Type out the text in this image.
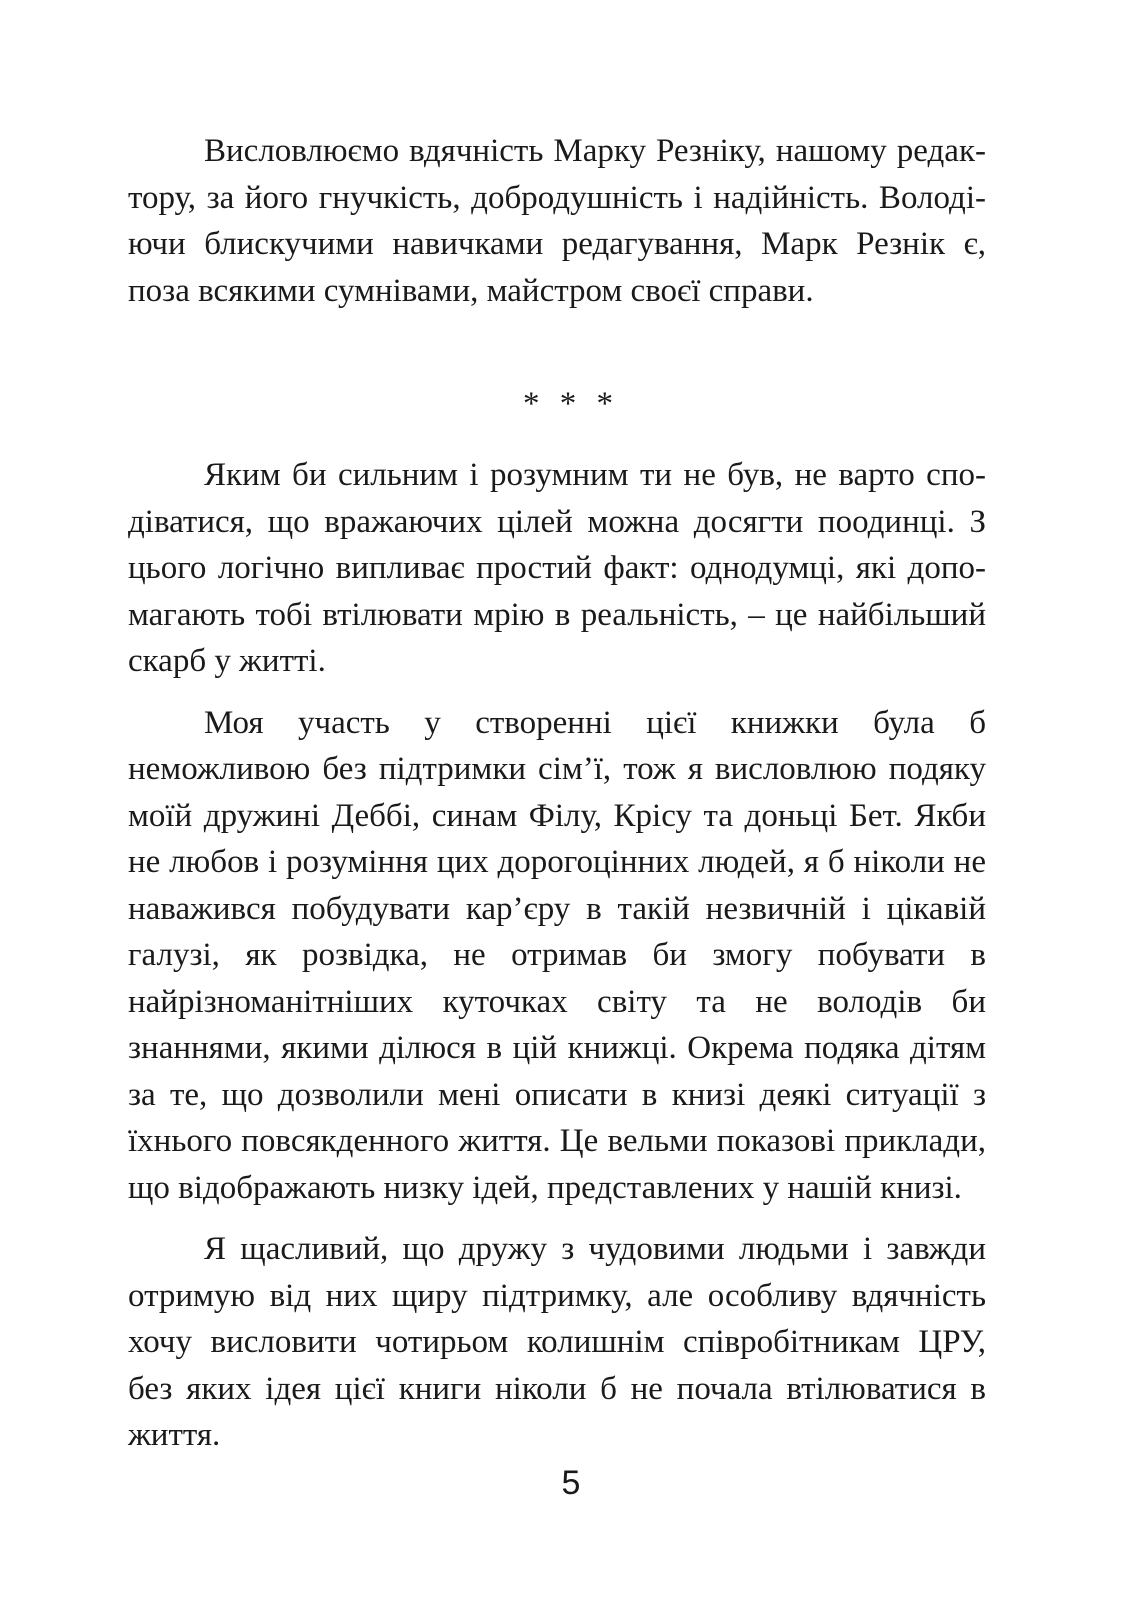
Висловлюємо вдячність Марку Резніку, нашому редактору, за його гнучкість, добродушність і надійність. Володіючи блискучими навичками редагування, Марк Резнік є, поза всякими сумнівами, майстром своєї справи.

* * *

Яким би сильним і розумним ти не був, не варто сподіватися, що вражаючих цілей можна досягти поодинці. З цього логічно випливає простий факт: однодумці, які допомагають тобі втілювати мрію в реальність, – це найбільший скарб у житті.

Моя участь у створенні цієї книжки була б неможливою без підтримки сім’ї, тож я висловлюю подяку моїй дружині Деббі, синам Філу, Крісу та доньці Бет. Якби не любов і розуміння цих дорогоцінних людей, я б ніколи не наважився побудувати кар’єру в такій незвичній і цікавій галузі, як розвідка, не отримав би змогу побувати в найрізноманітніших куточках світу та не володів би знаннями, якими ділюся в цій книжці. Окрема подяка дітям за те, що дозволили мені описати в книзі деякі ситуації з їхнього повсякденного життя. Це вельми показові приклади, що відображають низку ідей, представлених у нашій книзі.

Я щасливий, що дружу з чудовими людьми і завжди отримую від них щиру підтримку, але особливу вдячність хочу висловити чотирьом колишнім співробітникам ЦРУ, без яких ідея цієї книги ніколи б не почала втілюватися в життя.

5
